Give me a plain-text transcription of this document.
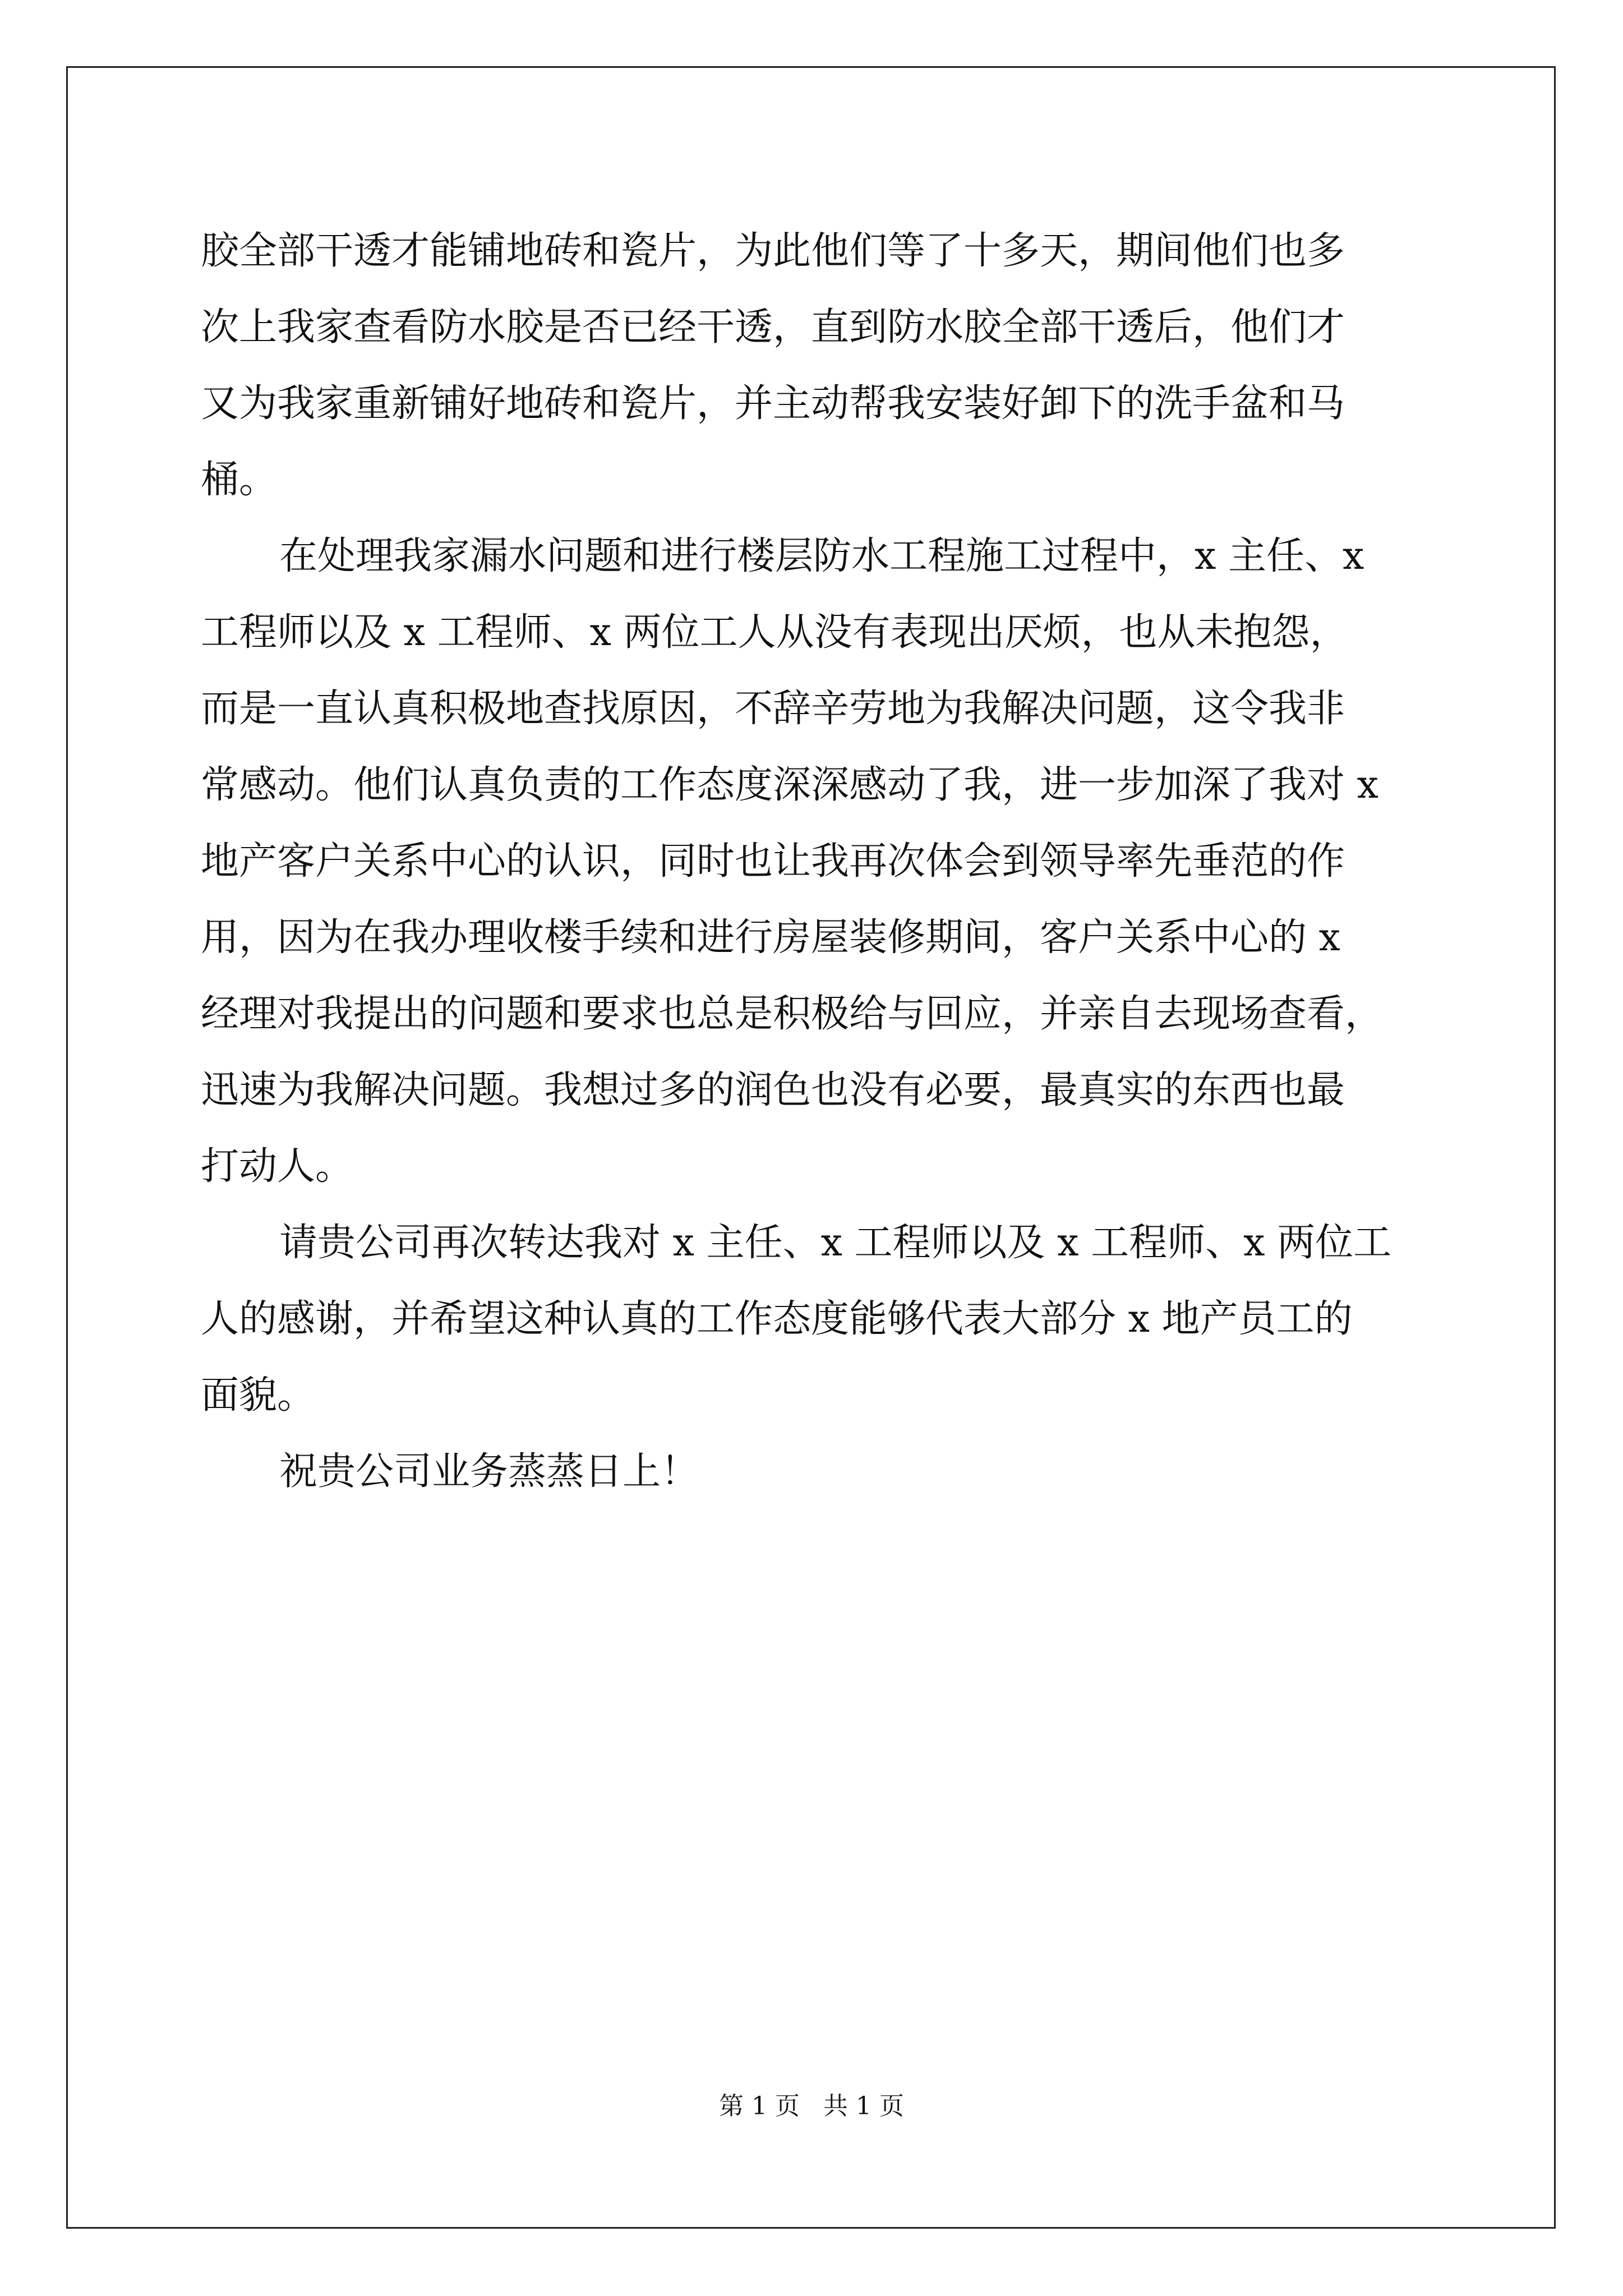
胶全部干透才能铺地砖和瓷片，为此他们等了十多天，期间他们也多
次上我家查看防水胶是否已经干透，直到防水胶全部干透后，他们才
又为我家重新铺好地砖和瓷片，并主动帮我安装好卸下的洗手盆和马
桶。
在处理我家漏水问题和进行楼层防水工程施工过程中，x 主任、x
工程师以及 x 工程师、x 两位工人从没有表现出厌烦，也从未抱怨，
而是一直认真积极地查找原因，不辞辛劳地为我解决问题，这令我非
常感动。他们认真负责的工作态度深深感动了我，进一步加深了我对 x
地产客户关系中心的认识，同时也让我再次体会到领导率先垂范的作
用，因为在我办理收楼手续和进行房屋装修期间，客户关系中心的 x
经理对我提出的问题和要求也总是积极给与回应，并亲自去现场查看，
迅速为我解决问题。我想过多的润色也没有必要，最真实的东西也最
打动人。
请贵公司再次转达我对 x 主任、x 工程师以及 x 工程师、x 两位工
人的感谢，并希望这种认真的工作态度能够代表大部分 x 地产员工的
面貌。
祝贵公司业务蒸蒸日上！
第 1 页   共 1 页
